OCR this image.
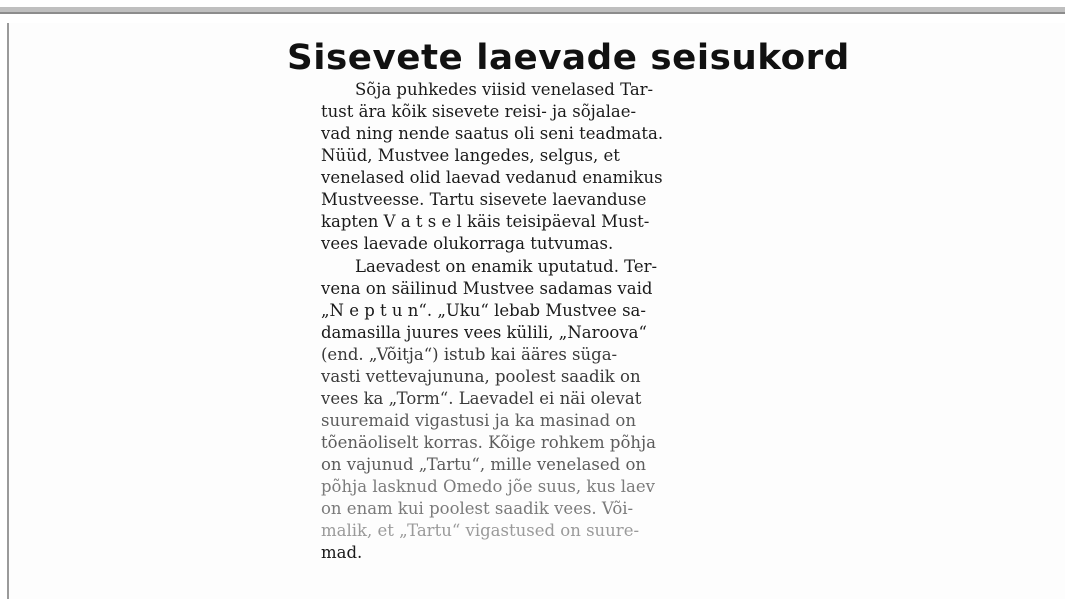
Sisevete laevade seisukord

Sõja puhkedes viisid venelased Tar-
tust ära kõik sisevete reisi- ja sõjalae-
vad ning nende saatus oli seni teadmata.
Nüüd, Mustvee langedes, selgus, et
venelased olid laevad vedanud enamikus
Mustveesse. Tartu sisevete laevanduse
kapten V a t s e l käis teisipäeval Must-
vees laevade olukorraga tutvumas.

Laevadest on enamik uputatud. Ter-
vena on säilinud Mustvee sadamas vaid
„N e p t u n“. „Uku“ lebab Mustvee sa-
damasilla juures vees külili, „Naroova“
(end. „Võitja“) istub kai ääres süga-
vasti vettevajununa, poolest saadik on
vees ka „Torm“. Laevadel ei näi olevat
suuremaid vigastusi ja ka masinad on
tõenäoliselt korras. Kõige rohkem põhja
on vajunud „Tartu“, mille venelased on
põhja lasknud Omedo jõe suus, kus laev
on enam kui poolest saadik vees. Või-
malik, et „Tartu“ vigastused on suure-
mad.
